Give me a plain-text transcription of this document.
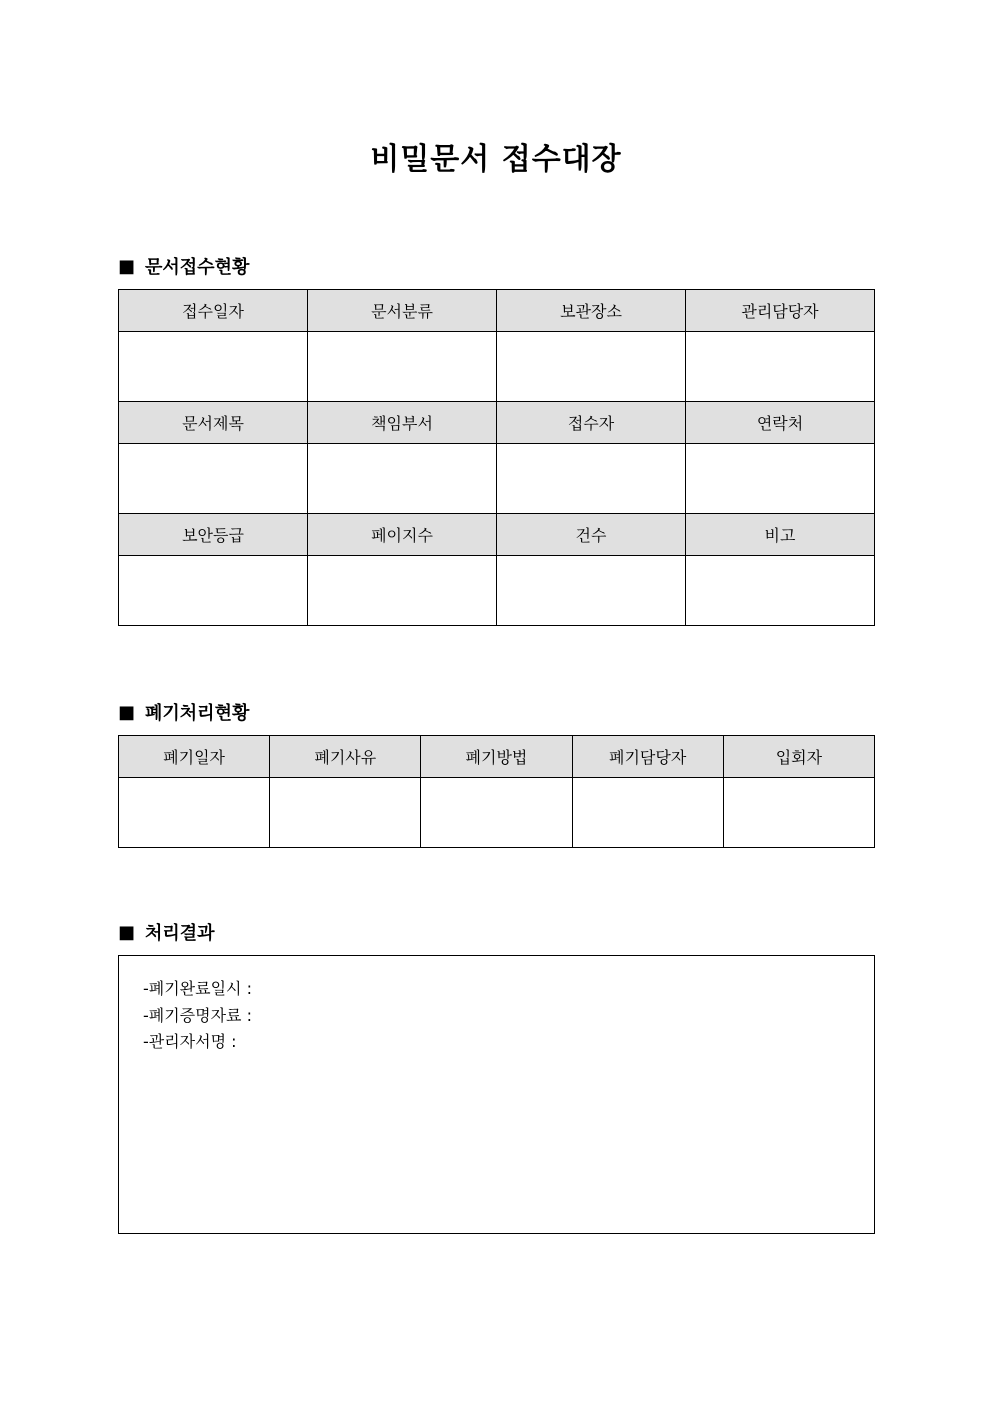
비밀문서 접수대장
■ 문서접수현황
접수일자	문서분류	보관장소	관리담당자

문서제목	책임부서	접수자	연락처

보안등급	페이지수	건수	비고

■ 폐기처리현황
폐기일자	폐기사유	폐기방법	폐기담당자	입회자

■ 처리결과
-폐기완료일시 :
-폐기증명자료 :
-관리자서명 :
